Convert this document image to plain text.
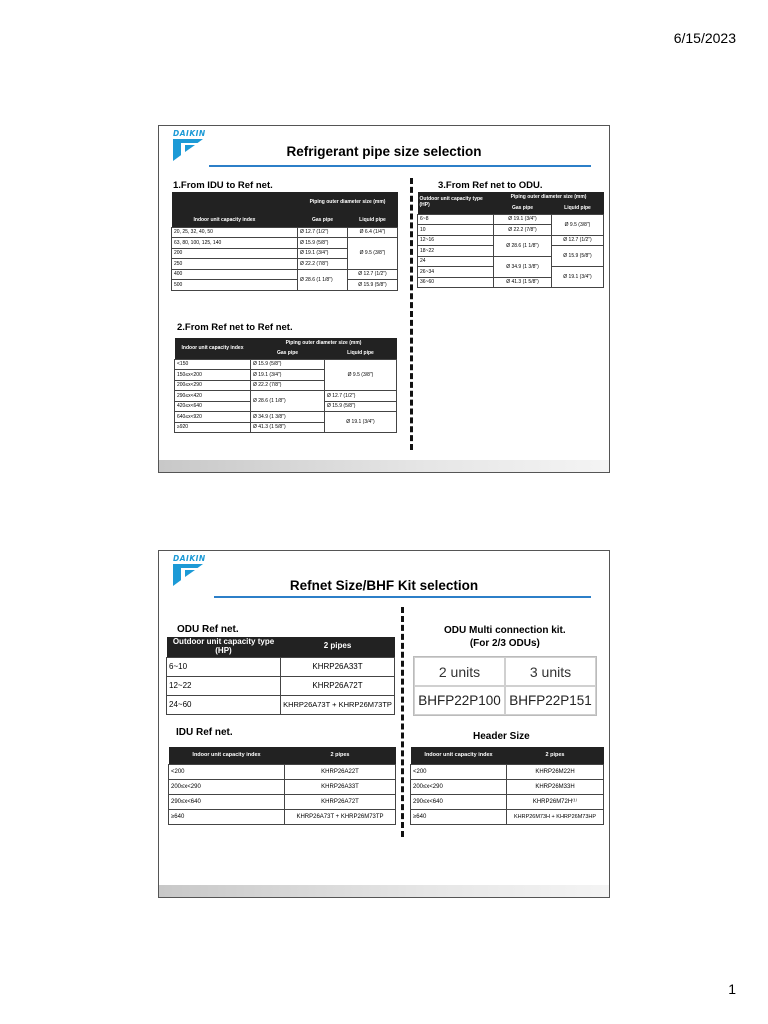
6/15/2023
DAIKIN
Refrigerant pipe size selection
1.From IDU to Ref net.
Indoor unit capacity index	Piping outer diameter size (mm)	
	Gas pipe	Liquid pipe
20, 25, 32, 40, 50	Ø 12.7 (1/2")	Ø 6.4 (1/4")
63, 80, 100, 125, 140	Ø 15.9 (5/8")	Ø 9.5 (3/8")
200	Ø 19.1 (3/4")	
250	Ø 22.2 (7/8")	
400	Ø 28.6 (1 1/8")	Ø 12.7 (1/2")
500		Ø 15.9 (5/8")
2.From Ref net to Ref net.
Indoor unit capacity index	Piping outer diameter size (mm)	
	Gas pipe	Liquid pipe
<150	Ø 15.9 (5/8")	Ø 9.5 (3/8")
150≤x<200	Ø 19.1 (3/4")	
200≤x<290	Ø 22.2 (7/8")	
290≤x<420	Ø 28.6 (1 1/8")	Ø 12.7 (1/2")
420≤x<640		Ø 15.9 (5/8")
640≤x<920	Ø 34.9 (1 3/8")	Ø 19.1 (3/4")
≥920	Ø 41.3 (1 5/8")	
3.From Ref net to ODU.
Outdoor unit capacity type (HP)	Piping outer diameter size (mm)	
	Gas pipe	Liquid pipe
6~8	Ø 19.1 (3/4")	Ø 9.5 (3/8")
10	Ø 22.2 (7/8")	
12~16	Ø 28.6 (1 1/8")	Ø 12.7 (1/2")
18~22		Ø 15.9 (5/8")
24	Ø 34.9 (1 3/8")	
26~34		Ø 19.1 (3/4")
36~60	Ø 41.3 (1 5/8")	
DAIKIN
Refnet Size/BHF Kit selection
ODU Ref net.
Outdoor unit capacity type (HP)	2 pipes
6~10	KHRP26A33T
12~22	KHRP26A72T
24~60	KHRP26A73T + KHRP26M73TP
ODU Multi connection kit.
(For 2/3 ODUs)
2 units	3 units
BHFP22P100 BHFP22P151
IDU Ref net.
Indoor unit capacity index	2 pipes
<200	KHRP26A22T
200≤x<290	KHRP26A33T
290≤x<640	KHRP26A72T
≥640	KHRP26A73T + KHRP26M73TP
Header Size
Indoor unit capacity index	2 pipes
<200	KHRP26M22H
200≤x<290	KHRP26M33H
290≤x<640	KHRP26M72H⁽¹⁾
≥640	KHRP26M73H + KHRP26M73HP
1
